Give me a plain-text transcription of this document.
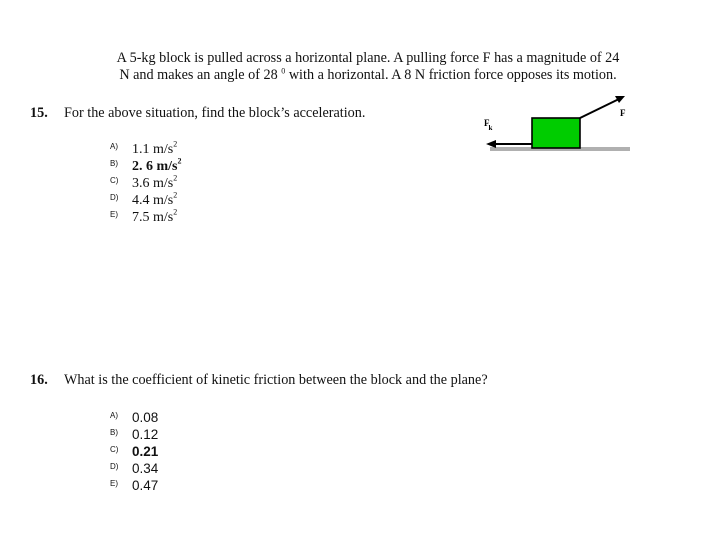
A 5-kg block is pulled across a horizontal plane. A pulling force F has a magnitude of 24
N and makes an angle of 28 $^0$ with a horizontal. A 8 N friction force opposes its motion.

15. For the above situation, find the block’s acceleration.

Fk
F
A) 1.1 $m/s^2$
B) 2. 6 $m/s^2$
C) 3.6 $m/s^2$
D) 4.4 $m/s^2$
E) 7.5 $m/s^2$

16. What is the coefficient of kinetic friction between the block and the plane?

A) 0.08
B) 0.12
C) 0.21
D) 0.34
E) 0.47
